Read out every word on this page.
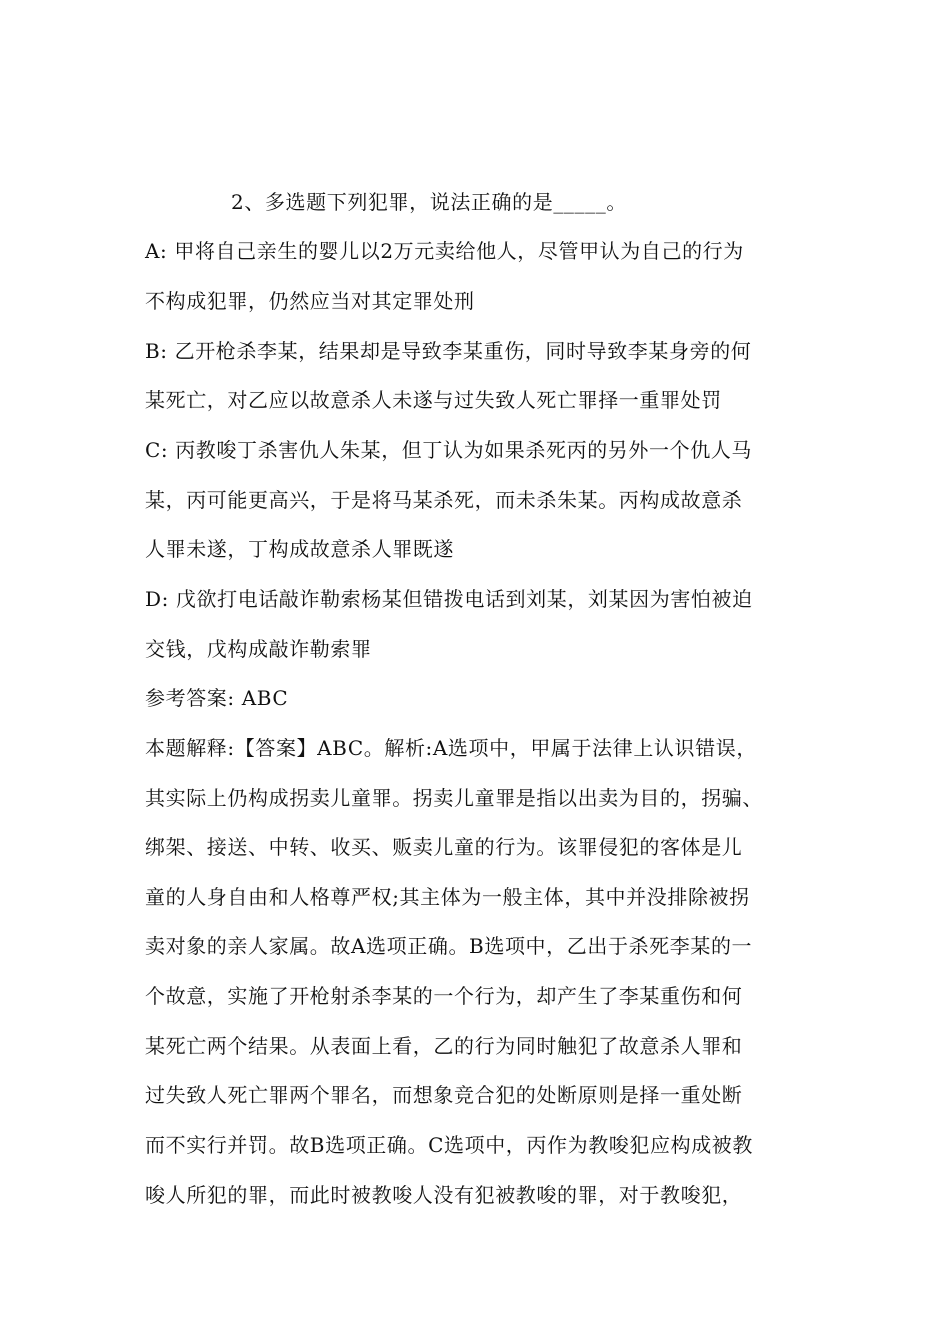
2、多选题下列犯罪，说法正确的是_____。
A: 甲将自己亲生的婴儿以2万元卖给他人，尽管甲认为自己的行为
不构成犯罪，仍然应当对其定罪处刑
B: 乙开枪杀李某，结果却是导致李某重伤，同时导致李某身旁的何
某死亡，对乙应以故意杀人未遂与过失致人死亡罪择一重罪处罚
C: 丙教唆丁杀害仇人朱某，但丁认为如果杀死丙的另外一个仇人马
某，丙可能更高兴，于是将马某杀死，而未杀朱某。丙构成故意杀
人罪未遂，丁构成故意杀人罪既遂
D: 戊欲打电话敲诈勒索杨某但错拨电话到刘某，刘某因为害怕被迫
交钱，戊构成敲诈勒索罪
参考答案: ABC
本题解释:【答案】ABC。解析:A选项中，甲属于法律上认识错误，
其实际上仍构成拐卖儿童罪。拐卖儿童罪是指以出卖为目的，拐骗、
绑架、接送、中转、收买、贩卖儿童的行为。该罪侵犯的客体是儿
童的人身自由和人格尊严权;其主体为一般主体，其中并没排除被拐
卖对象的亲人家属。故A选项正确。B选项中，乙出于杀死李某的一
个故意，实施了开枪射杀李某的一个行为，却产生了李某重伤和何
某死亡两个结果。从表面上看，乙的行为同时触犯了故意杀人罪和
过失致人死亡罪两个罪名，而想象竞合犯的处断原则是择一重处断
而不实行并罚。故B选项正确。C选项中，丙作为教唆犯应构成被教
唆人所犯的罪，而此时被教唆人没有犯被教唆的罪，对于教唆犯，
